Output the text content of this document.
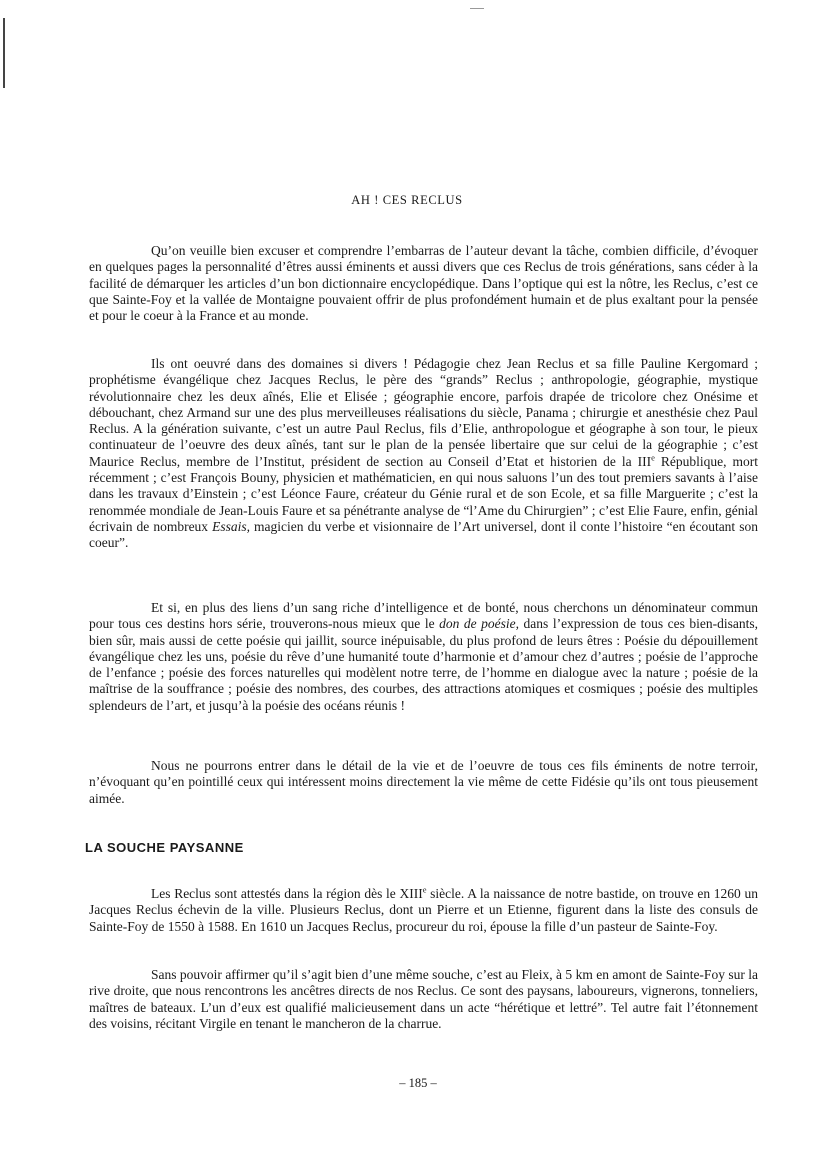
AH ! CES RECLUS

Qu’on veuille bien excuser et comprendre l’embarras de l’auteur devant la tâche, combien difficile, d’évoquer en quelques pages la personnalité d’êtres aussi éminents et aussi divers que ces Reclus de trois générations, sans céder à la facilité de démarquer les articles d’un bon dictionnaire encyclopédique. Dans l’optique qui est la nôtre, les Reclus, c’est ce que Sainte-Foy et la vallée de Montaigne pouvaient offrir de plus profondément humain et de plus exaltant pour la pensée et pour le coeur à la France et au monde.

Ils ont oeuvré dans des domaines si divers ! Pédagogie chez Jean Reclus et sa fille Pauline Kergomard ; prophétisme évangélique chez Jacques Reclus, le père des “grands” Reclus ; anthropologie, géographie, mystique révolutionnaire chez les deux aînés, Elie et Elisée ; géographie encore, parfois drapée de tricolore chez Onésime et débouchant, chez Armand sur une des plus merveilleuses réalisations du siècle, Panama ; chirurgie et anesthésie chez Paul Reclus. A la génération suivante, c’est un autre Paul Reclus, fils d’Elie, anthropologue et géographe à son tour, le pieux continuateur de l’oeuvre des deux aînés, tant sur le plan de la pensée libertaire que sur celui de la géographie ; c’est Maurice Reclus, membre de l’Institut, président de section au Conseil d’Etat et historien de la IIIe République, mort récemment ; c’est François Bouny, physicien et mathématicien, en qui nous saluons l’un des tout premiers savants à l’aise dans les travaux d’Einstein ; c’est Léonce Faure, créateur du Génie rural et de son Ecole, et sa fille Marguerite ; c’est la renommée mondiale de Jean-Louis Faure et sa pénétrante analyse de “l’Ame du Chirurgien” ; c’est Elie Faure, enfin, génial écrivain de nombreux Essais, magicien du verbe et visionnaire de l’Art universel, dont il conte l’histoire “en écoutant son coeur”.

Et si, en plus des liens d’un sang riche d’intelligence et de bonté, nous cherchons un dénominateur commun pour tous ces destins hors série, trouverons-nous mieux que le don de poésie, dans l’expression de tous ces bien-disants, bien sûr, mais aussi de cette poésie qui jaillit, source inépuisable, du plus profond de leurs êtres : Poésie du dépouillement évangélique chez les uns, poésie du rêve d’une humanité toute d’harmonie et d’amour chez d’autres ; poésie de l’approche de l’enfance ; poésie des forces naturelles qui modèlent notre terre, de l’homme en dialogue avec la nature ; poésie de la maîtrise de la souffrance ; poésie des nombres, des courbes, des attractions atomiques et cosmiques ; poésie des multiples splendeurs de l’art, et jusqu’à la poésie des océans réunis !

Nous ne pourrons entrer dans le détail de la vie et de l’oeuvre de tous ces fils éminents de notre terroir, n’évoquant qu’en pointillé ceux qui intéressent moins directement la vie même de cette Fidésie qu’ils ont tous pieusement aimée.

LA SOUCHE PAYSANNE

Les Reclus sont attestés dans la région dès le XIIIe siècle. A la naissance de notre bastide, on trouve en 1260 un Jacques Reclus échevin de la ville. Plusieurs Reclus, dont un Pierre et un Etienne, figurent dans la liste des consuls de Sainte-Foy de 1550 à 1588. En 1610 un Jacques Reclus, procureur du roi, épouse la fille d’un pasteur de Sainte-Foy.

Sans pouvoir affirmer qu’il s’agit bien d’une même souche, c’est au Fleix, à 5 km en amont de Sainte-Foy sur la rive droite, que nous rencontrons les ancêtres directs de nos Reclus. Ce sont des paysans, laboureurs, vignerons, tonneliers, maîtres de bateaux. L’un d’eux est qualifié malicieusement dans un acte “hérétique et lettré”. Tel autre fait l’étonnement des voisins, récitant Virgile en tenant le mancheron de la charrue.

– 185 –
